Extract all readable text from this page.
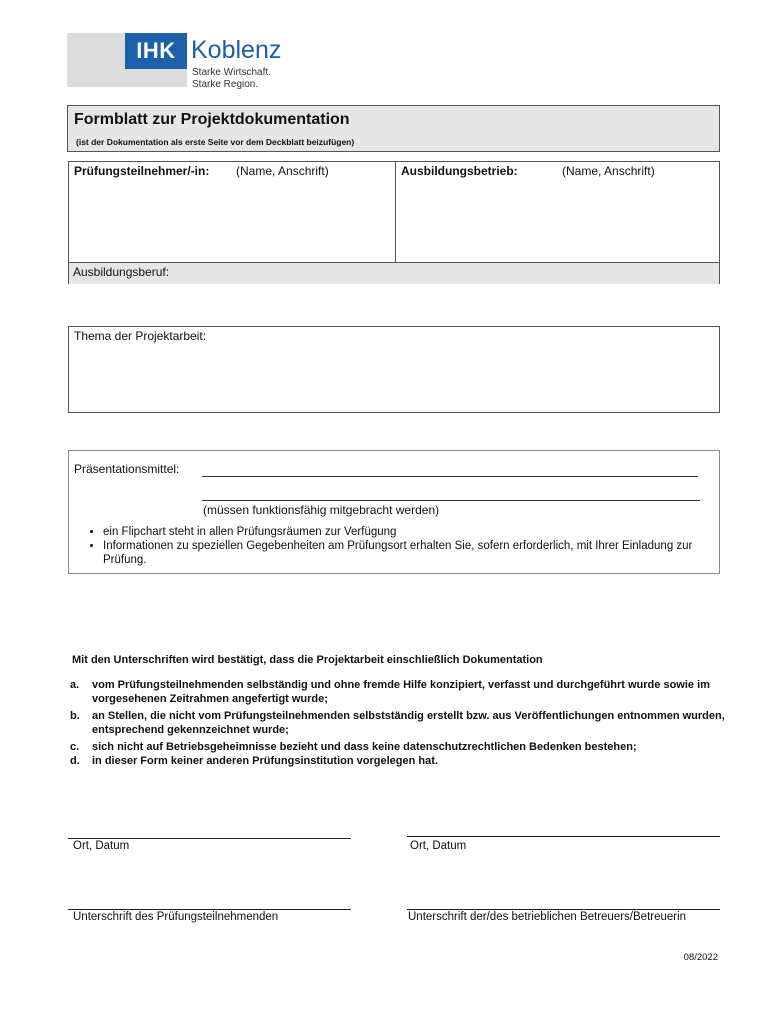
IHK Koblenz
Starke Wirtschaft.
Starke Region.
Formblatt zur Projektdokumentation
(ist der Dokumentation als erste Seite vor dem Deckblatt beizufügen)
Prüfungsteilnehmer/-in: (Name, Anschrift)	Ausbildungsbetrieb:	(Name, Anschrift)
Ausbildungsberuf:
Thema der Projektarbeit:
Präsentationsmittel:
(müssen funktionsfähig mitgebracht werden)
• ein Flipchart steht in allen Prüfungsräumen zur Verfügung
• Informationen zu speziellen Gegebenheiten am Prüfungsort erhalten Sie, sofern erforderlich, mit Ihrer Einladung zur Prüfung.
Mit den Unterschriften wird bestätigt, dass die Projektarbeit einschließlich Dokumentation
a. vom Prüfungsteilnehmenden selbständig und ohne fremde Hilfe konzipiert, verfasst und durchgeführt wurde sowie im vorgesehenen Zeitrahmen angefertigt wurde;
b. an Stellen, die nicht vom Prüfungsteilnehmenden selbstständig erstellt bzw. aus Veröffentlichungen entnommen wurden, entsprechend gekennzeichnet wurde;
c. sich nicht auf Betriebsgeheimnisse bezieht und dass keine datenschutzrechtlichen Bedenken bestehen;
d. in dieser Form keiner anderen Prüfungsinstitution vorgelegen hat.
Ort, Datum	Ort, Datum
Unterschrift des Prüfungsteilnehmenden	Unterschrift der/des betrieblichen Betreuers/Betreuerin
08/2022
